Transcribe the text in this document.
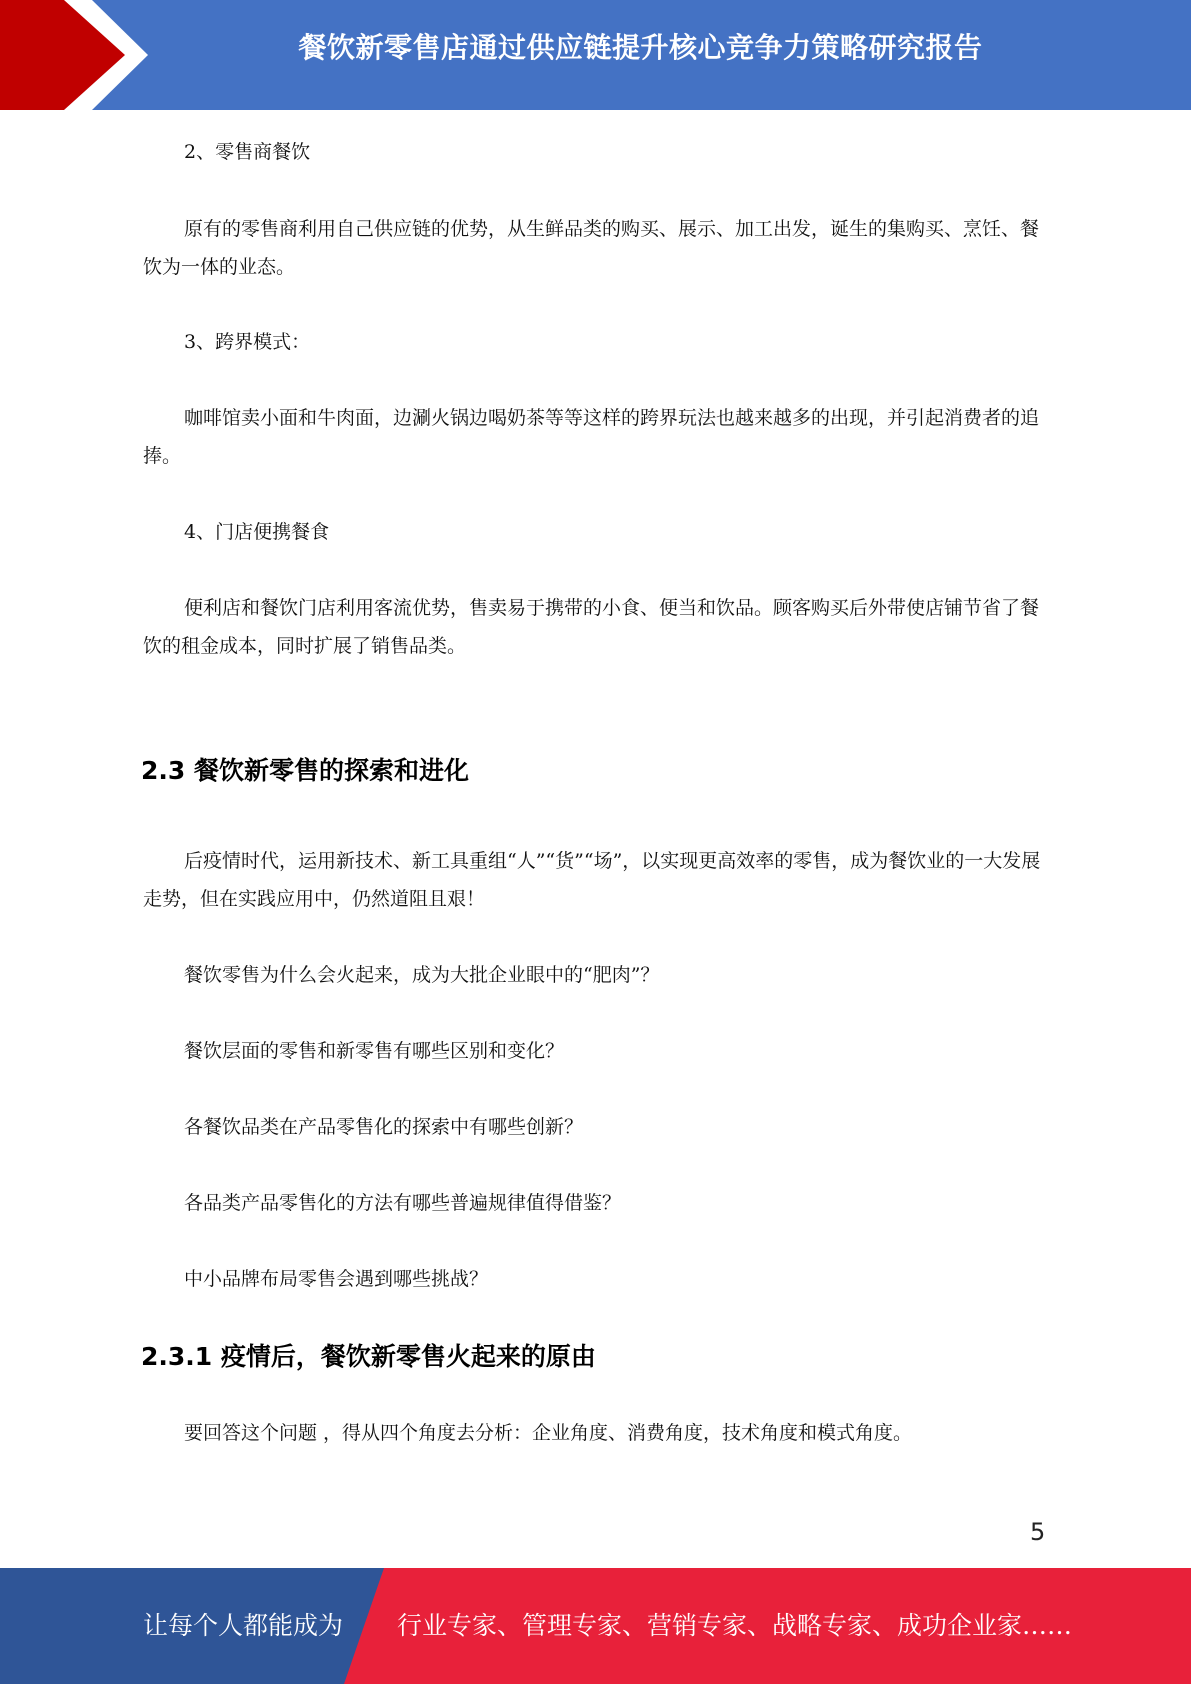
餐饮新零售店通过供应链提升核心竞争力策略研究报告

2、零售商餐饮

原有的零售商利用自己供应链的优势，从生鲜品类的购买、展示、加工出发，诞生的集购买、烹饪、餐饮为一体的业态。

3、跨界模式：

咖啡馆卖小面和牛肉面，边涮火锅边喝奶茶等等这样的跨界玩法也越来越多的出现，并引起消费者的追捧。

4、门店便携餐食

便利店和餐饮门店利用客流优势，售卖易于携带的小食、便当和饮品。顾客购买后外带使店铺节省了餐饮的租金成本，同时扩展了销售品类。

2.3 餐饮新零售的探索和进化

后疫情时代，运用新技术、新工具重组“人”“货”“场”，以实现更高效率的零售，成为餐饮业的一大发展走势，但在实践应用中，仍然道阻且艰！

餐饮零售为什么会火起来，成为大批企业眼中的“肥肉”？

餐饮层面的零售和新零售有哪些区别和变化？

各餐饮品类在产品零售化的探索中有哪些创新？

各品类产品零售化的方法有哪些普遍规律值得借鉴？

中小品牌布局零售会遇到哪些挑战？

2.3.1 疫情后，餐饮新零售火起来的原由

要回答这个问题 ，得从四个角度去分析：企业角度、消费角度，技术角度和模式角度。

5
让每个人都能成为 行业专家、管理专家、营销专家、战略专家、成功企业家……
